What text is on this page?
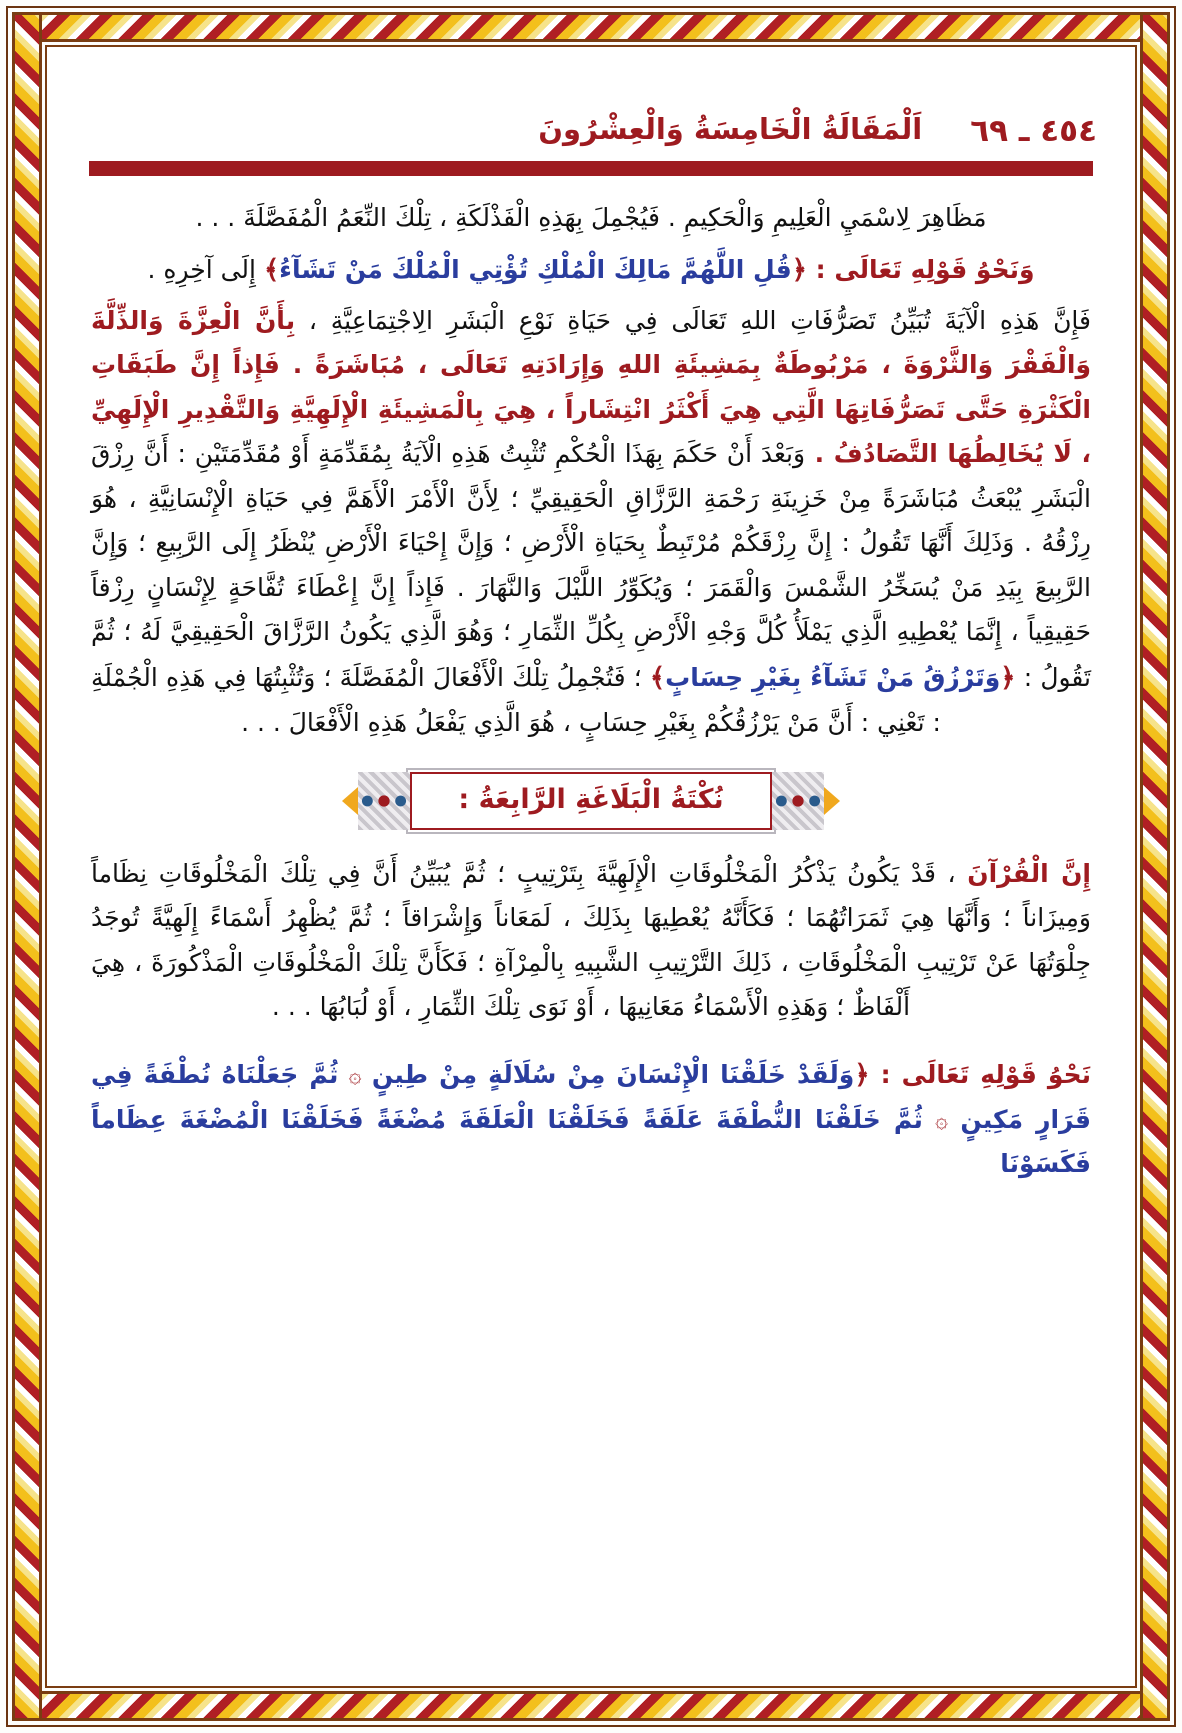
٤٥٤ ـ ٦٩
اَلْمَقَالَةُ الْخَامِسَةُ وَالْعِشْرُونَ

مَظَاهِرَ لِاسْمَيِ الْعَلِيمِ وَالْحَكِيمِ . فَيُجْمِلَ بِهَذِهِ الْفَذْلَكَةِ ، تِلْكَ النِّعَمُ الْمُفَصَّلَةَ . . .

وَنَحْوُ قَوْلِهِ تَعَالَى : ﴿قُلِ اللَّهُمَّ مَالِكَ الْمُلْكِ تُؤْتِي الْمُلْكَ مَنْ تَشَآءُ﴾ إِلَى آخِرِهِ .

فَإِنَّ هَذِهِ الْآيَةَ تُبَيِّنُ تَصَرُّفَاتِ اللهِ تَعَالَى فِي حَيَاةِ نَوْعِ الْبَشَرِ الِاجْتِمَاعِيَّةِ ، بِأَنَّ الْعِزَّةَ وَالذِّلَّةَ وَالْفَقْرَ وَالثَّرْوَةَ ، مَرْبُوطَةٌ بِمَشِيئَةِ اللهِ وَإِرَادَتِهِ تَعَالَى ، مُبَاشَرَةً . فَإِذاً إِنَّ طَبَقَاتِ الْكَثْرَةِ حَتَّى تَصَرُّفَاتِهَا الَّتِي هِيَ أَكْثَرُ انْتِشَاراً ، هِيَ بِالْمَشِيئَةِ الْإِلَهِيَّةِ وَالتَّقْدِيرِ الْإِلَهِيِّ ، لَا يُخَالِطُهَا التَّصَادُفُ . وَبَعْدَ أَنْ حَكَمَ بِهَذَا الْحُكْمِ تُثْبِتُ هَذِهِ الْآيَةُ بِمُقَدِّمَةٍ أَوْ مُقَدِّمَتَيْنِ : أَنَّ رِزْقَ الْبَشَرِ يُبْعَثُ مُبَاشَرَةً مِنْ خَزِينَةِ رَحْمَةِ الرَّزَّاقِ الْحَقِيقِيِّ ؛ لِأَنَّ الْأَمْرَ الْأَهَمَّ فِي حَيَاةِ الْإِنْسَانِيَّةِ ، هُوَ رِزْقُهُ . وَذَلِكَ أَنَّهَا تَقُولُ : إِنَّ رِزْقَكُمْ مُرْتَبِطٌ بِحَيَاةِ الْأَرْضِ ؛ وَإِنَّ إِحْيَاءَ الْأَرْضِ يُنْظَرُ إِلَى الرَّبِيعِ ؛ وَإِنَّ الرَّبِيعَ بِيَدِ مَنْ يُسَخِّرُ الشَّمْسَ وَالْقَمَرَ ؛ وَيُكَوِّرُ اللَّيْلَ وَالنَّهَارَ . فَإِذاً إِنَّ إِعْطَاءَ تُفَّاحَةٍ لِإِنْسَانٍ رِزْقاً حَقِيقِياً ، إِنَّمَا يُعْطِيهِ الَّذِي يَمْلَأُ كُلَّ وَجْهِ الْأَرْضِ بِكُلِّ الثِّمَارِ ؛ وَهُوَ الَّذِي يَكُونُ الرَّزَّاقَ الْحَقِيقِيَّ لَهُ ؛ ثُمَّ تَقُولُ : ﴿وَتَرْزُقُ مَنْ تَشَآءُ بِغَيْرِ حِسَابٍ﴾ ؛ فَتُجْمِلُ تِلْكَ الْأَفْعَالَ الْمُفَصَّلَةَ ؛ وَتُثْبِتُهَا فِي هَذِهِ الْجُمْلَةِ : تَعْنِي : أَنَّ مَنْ يَرْزُقُكُمْ بِغَيْرِ حِسَابٍ ، هُوَ الَّذِي يَفْعَلُ هَذِهِ الْأَفْعَالَ . . .

نُكْتَةُ الْبَلَاغَةِ الرَّابِعَةُ :

إِنَّ الْقُرْآنَ ، قَدْ يَكُونُ يَذْكُرُ الْمَخْلُوقَاتِ الْإِلَهِيَّةَ بِتَرْتِيبٍ ؛ ثُمَّ يُبَيِّنُ أَنَّ فِي تِلْكَ الْمَخْلُوقَاتِ نِظَاماً وَمِيزَاناً ؛ وَأَنَّهَا هِيَ ثَمَرَاتُهُمَا ؛ فَكَأَنَّهُ يُعْطِيهَا بِذَلِكَ ، لَمَعَاناً وَإِشْرَاقاً ؛ ثُمَّ يُظْهِرُ أَسْمَاءً إِلَهِيَّةً تُوجَدُ جِلْوَتُهَا عَنْ تَرْتِيبِ الْمَخْلُوقَاتِ ، ذَلِكَ التَّرْتِيبِ الشَّبِيهِ بِالْمِرْآةِ ؛ فَكَأَنَّ تِلْكَ الْمَخْلُوقَاتِ الْمَذْكُورَةَ ، هِيَ أَلْفَاظٌ ؛ وَهَذِهِ الْأَسْمَاءُ مَعَانِيهَا ، أَوْ نَوَى تِلْكَ الثِّمَارِ ، أَوْ لُبَابُهَا . . .

نَحْوُ قَوْلِهِ تَعَالَى : ﴿وَلَقَدْ خَلَقْنَا الْإِنْسَانَ مِنْ سُلَالَةٍ مِنْ طِينٍ ۞ ثُمَّ جَعَلْنَاهُ نُطْفَةً فِي قَرَارٍ مَكِينٍ ۞ ثُمَّ خَلَقْنَا النُّطْفَةَ عَلَقَةً فَخَلَقْنَا الْعَلَقَةَ مُضْغَةً فَخَلَقْنَا الْمُضْغَةَ عِظَاماً فَكَسَوْنَا
